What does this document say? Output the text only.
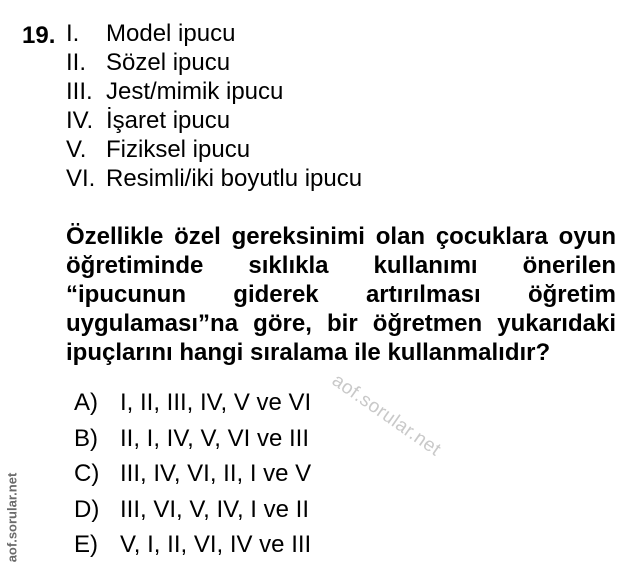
19. I. Model ipucu
II. Sözel ipucu
III. Jest/mimik ipucu
IV. İşaret ipucu
V. Fiziksel ipucu
VI. Resimli/iki boyutlu ipucu

Özellikle özel gereksinimi olan çocuklara oyun öğretiminde sıklıkla kullanımı önerilen “ipucunun giderek artırılması öğretim uygulaması”na göre, bir öğretmen yukarıdaki ipuçlarını hangi sıralama ile kullanmalıdır?

A) I, II, III, IV, V ve VI
B) II, I, IV, V, VI ve III
C) III, IV, VI, II, I ve V
D) III, VI, V, IV, I ve II
E) V, I, II, VI, IV ve III
aof.sorular.net
aof.sorular.net
